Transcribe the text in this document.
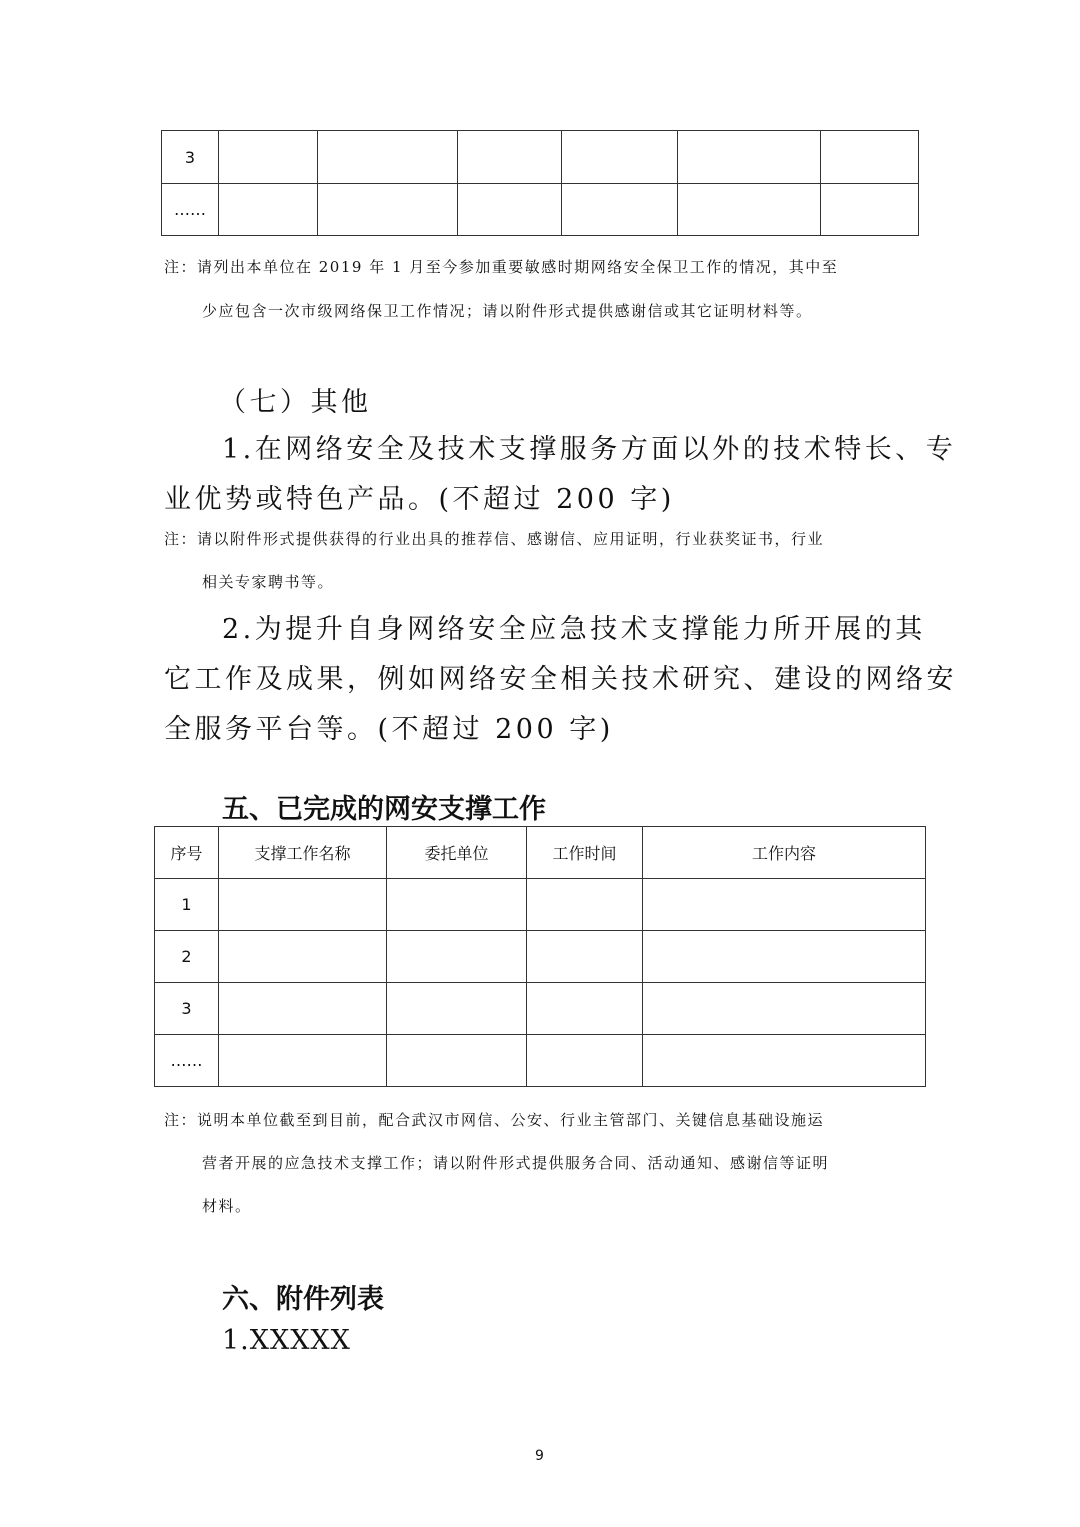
3						
……						
注：请列出本单位在 2019 年 1 月至今参加重要敏感时期网络安全保卫工作的情况，其中至
少应包含一次市级网络保卫工作情况；请以附件形式提供感谢信或其它证明材料等。
（七）其他
1.在网络安全及技术支撑服务方面以外的技术特长、专
业优势或特色产品。(不超过 200 字)
注：请以附件形式提供获得的行业出具的推荐信、感谢信、应用证明，行业获奖证书，行业
相关专家聘书等。
2.为提升自身网络安全应急技术支撑能力所开展的其
它工作及成果，例如网络安全相关技术研究、建设的网络安
全服务平台等。(不超过 200 字)
五、已完成的网安支撑工作
序号	支撑工作名称	委托单位	工作时间	工作内容
1				
2				
3				
……				
注：说明本单位截至到目前，配合武汉市网信、公安、行业主管部门、关键信息基础设施运
营者开展的应急技术支撑工作；请以附件形式提供服务合同、活动通知、感谢信等证明
材料。
六、附件列表
1.XXXXX
9
